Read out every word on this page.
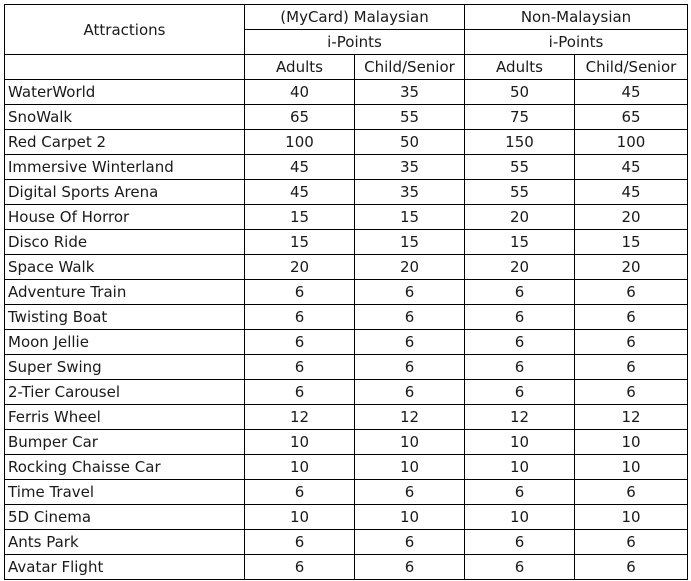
Attractions	(MyCard) Malaysian		Non-Malaysian	
	i-Points		i-Points	
	Adults	Child/Senior	Adults	Child/Senior
WaterWorld	40	35	50	45
SnoWalk	65	55	75	65
Red Carpet 2	100	50	150	100
Immersive Winterland	45	35	55	45
Digital Sports Arena	45	35	55	45
House Of Horror	15	15	20	20
Disco Ride	15	15	15	15
Space Walk	20	20	20	20
Adventure Train	6	6	6	6
Twisting Boat	6	6	6	6
Moon Jellie	6	6	6	6
Super Swing	6	6	6	6
2-Tier Carousel	6	6	6	6
Ferris Wheel	12	12	12	12
Bumper Car	10	10	10	10
Rocking Chaisse Car	10	10	10	10
Time Travel	6	6	6	6
5D Cinema	10	10	10	10
Ants Park	6	6	6	6
Avatar Flight	6	6	6	6
